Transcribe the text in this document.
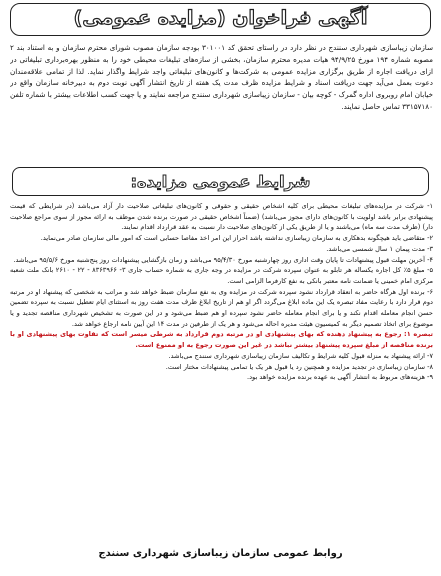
آگهی فراخوان (مزایده عمومی)
سازمان زیباسازی شهرداری سنندج در نظر دارد در راستای تحقق کد ۳۰۱۰۰۱ بودجه سازمان مصوب شورای محترم سازمان و به استناد بند ۲ مصوبه شماره ۱۹۴ مورخ ۹۴/۹/۲۵ هیات مدیره محترم سازمان، بخشی از سازه‌های تبلیغات محیطی خود را به منظور بهره‌برداری تبلیغاتی در ازای دریافت اجاره از طریق برگزاری مزایده عمومی به شرکت‌ها و کانون‌های تبلیغاتی واجد شرایط واگذار نماید. لذا از تمامی علاقه‌مندان دعوت بعمل می‌آید جهت دریافت اسناد و شرایط مزایده ظرف مدت یک هفته از تاریخ انتشار آگهی نوبت دوم به دبیرخانه سازمان واقع در خیابان امام روبروی اداره گمرک - کوچه بیان - سازمان زیباسازی شهرداری سنندج مراجعه نمایند و یا جهت کسب اطلاعات بیشتر با شماره تلفن ۳۳۱۵۷۱۸۰ تماس حاصل نمایند.
شرایط عمومی مزایده:

۱- شرکت در مزایده‌های تبلیغات محیطی برای کلیه اشخاص حقیقی و حقوقی و کانون‌های تبلیغاتی صلاحیت دار آزاد می‌باشد (در شرایطی که قیمت پیشنهادی برابر باشد اولویت با کانون‌های دارای مجوز می‌باشد) (ضمناً اشخاص حقیقی در صورت برنده شدن موظف به ارائه مجوز از سوی مراجع صلاحیت دار) (ظرف مدت سه ماه) می‌باشند و یا از طریق یکی از کانون‌های صلاحیت دار نسبت به عقد قرارداد اقدام نمایند.

۲- متقاضی باید هیچگونه بدهکاری به سازمان زیباسازی نداشته باشد احراز این امر اخذ مفاصا حسابی است که امور مالی سازمان صادر می‌نماید.

۳- مدت پیمان ۱ سال شمسی می‌باشد.

۴- آخرین مهلت قبول پیشنهادات تا پایان وقت اداری روز چهارشنبه مورخ ۹۵/۴/۳۰ می‌باشد و زمان بازگشایی پیشنهادات روز پنج‌شنبه مورخ ۹۵/۵/۶ می‌باشد.

۵- مبلغ ۵٪ کل اجاره یکساله هر تابلو به عنوان سپرده شرکت در مزایده در وجه جاری به شماره حساب جاری ۳- ۸۳۶۳۹۶۶ - ۲۲ - ۲۶۱۰ بانک ملت شعبه مرکزی امام خمینی یا ضمانت نامه معتبر بانکی به نفع کارفرما الزامی است.

۶- برنده اول هرگاه حاضر به انعقاد قرارداد نشود سپرده شرکت در مزایده وی به نفع سازمان ضبط خواهد شد و مراتب به شخصی که پیشنهاد او در مرتبه دوم قرار دارد با رعایت مفاد تبصره یک این ماده ابلاغ می‌گردد اگر او هم از تاریخ ابلاغ ظرف مدت هفت روز به استثنای ایام تعطیل نسبت به سپرده تضمین حسن انجام معامله اقدام نکند و یا برای انجام معامله حاضر نشود سپرده او هم ضبط می‌شود و در این صورت به تشخیص شهرداری مناقصه تجدید و یا موضوع برای اتخاذ تصمیم دیگر به کمیسیون هیئت مدیره احاله می‌شود و هر یک از طرفین در مدت ۱۴ این آیین نامه ارجاع خواهد شد.

تبصره ۱: رجوع به پیشنهاد دهنده که بهای پیشنهادی او در مرتبه دوم قرارداد به شرطی میسر است که تفاوت بهای پیشنهادی او با برنده مناقصه از مبلغ سپرده پیشنهاد بیشتر نباشد در غیر این صورت رجوع به او ممنوع است.

۷- ارائه پیشنهاد به منزله قبول کلیه شرایط و تکالیف سازمان زیباسازی شهرداری سنندج می‌باشد.

۸- سازمان زیباسازی در تجدید مزایده و همچنین رد یا قبول هر یک یا تمامی پیشنهادات مختار است.

۹- هزینه‌های مربوط به انتشار آگهی به عهده برنده مزایده خواهد بود.

روابط عمومی سازمان زیباسازی شهرداری سنندج
